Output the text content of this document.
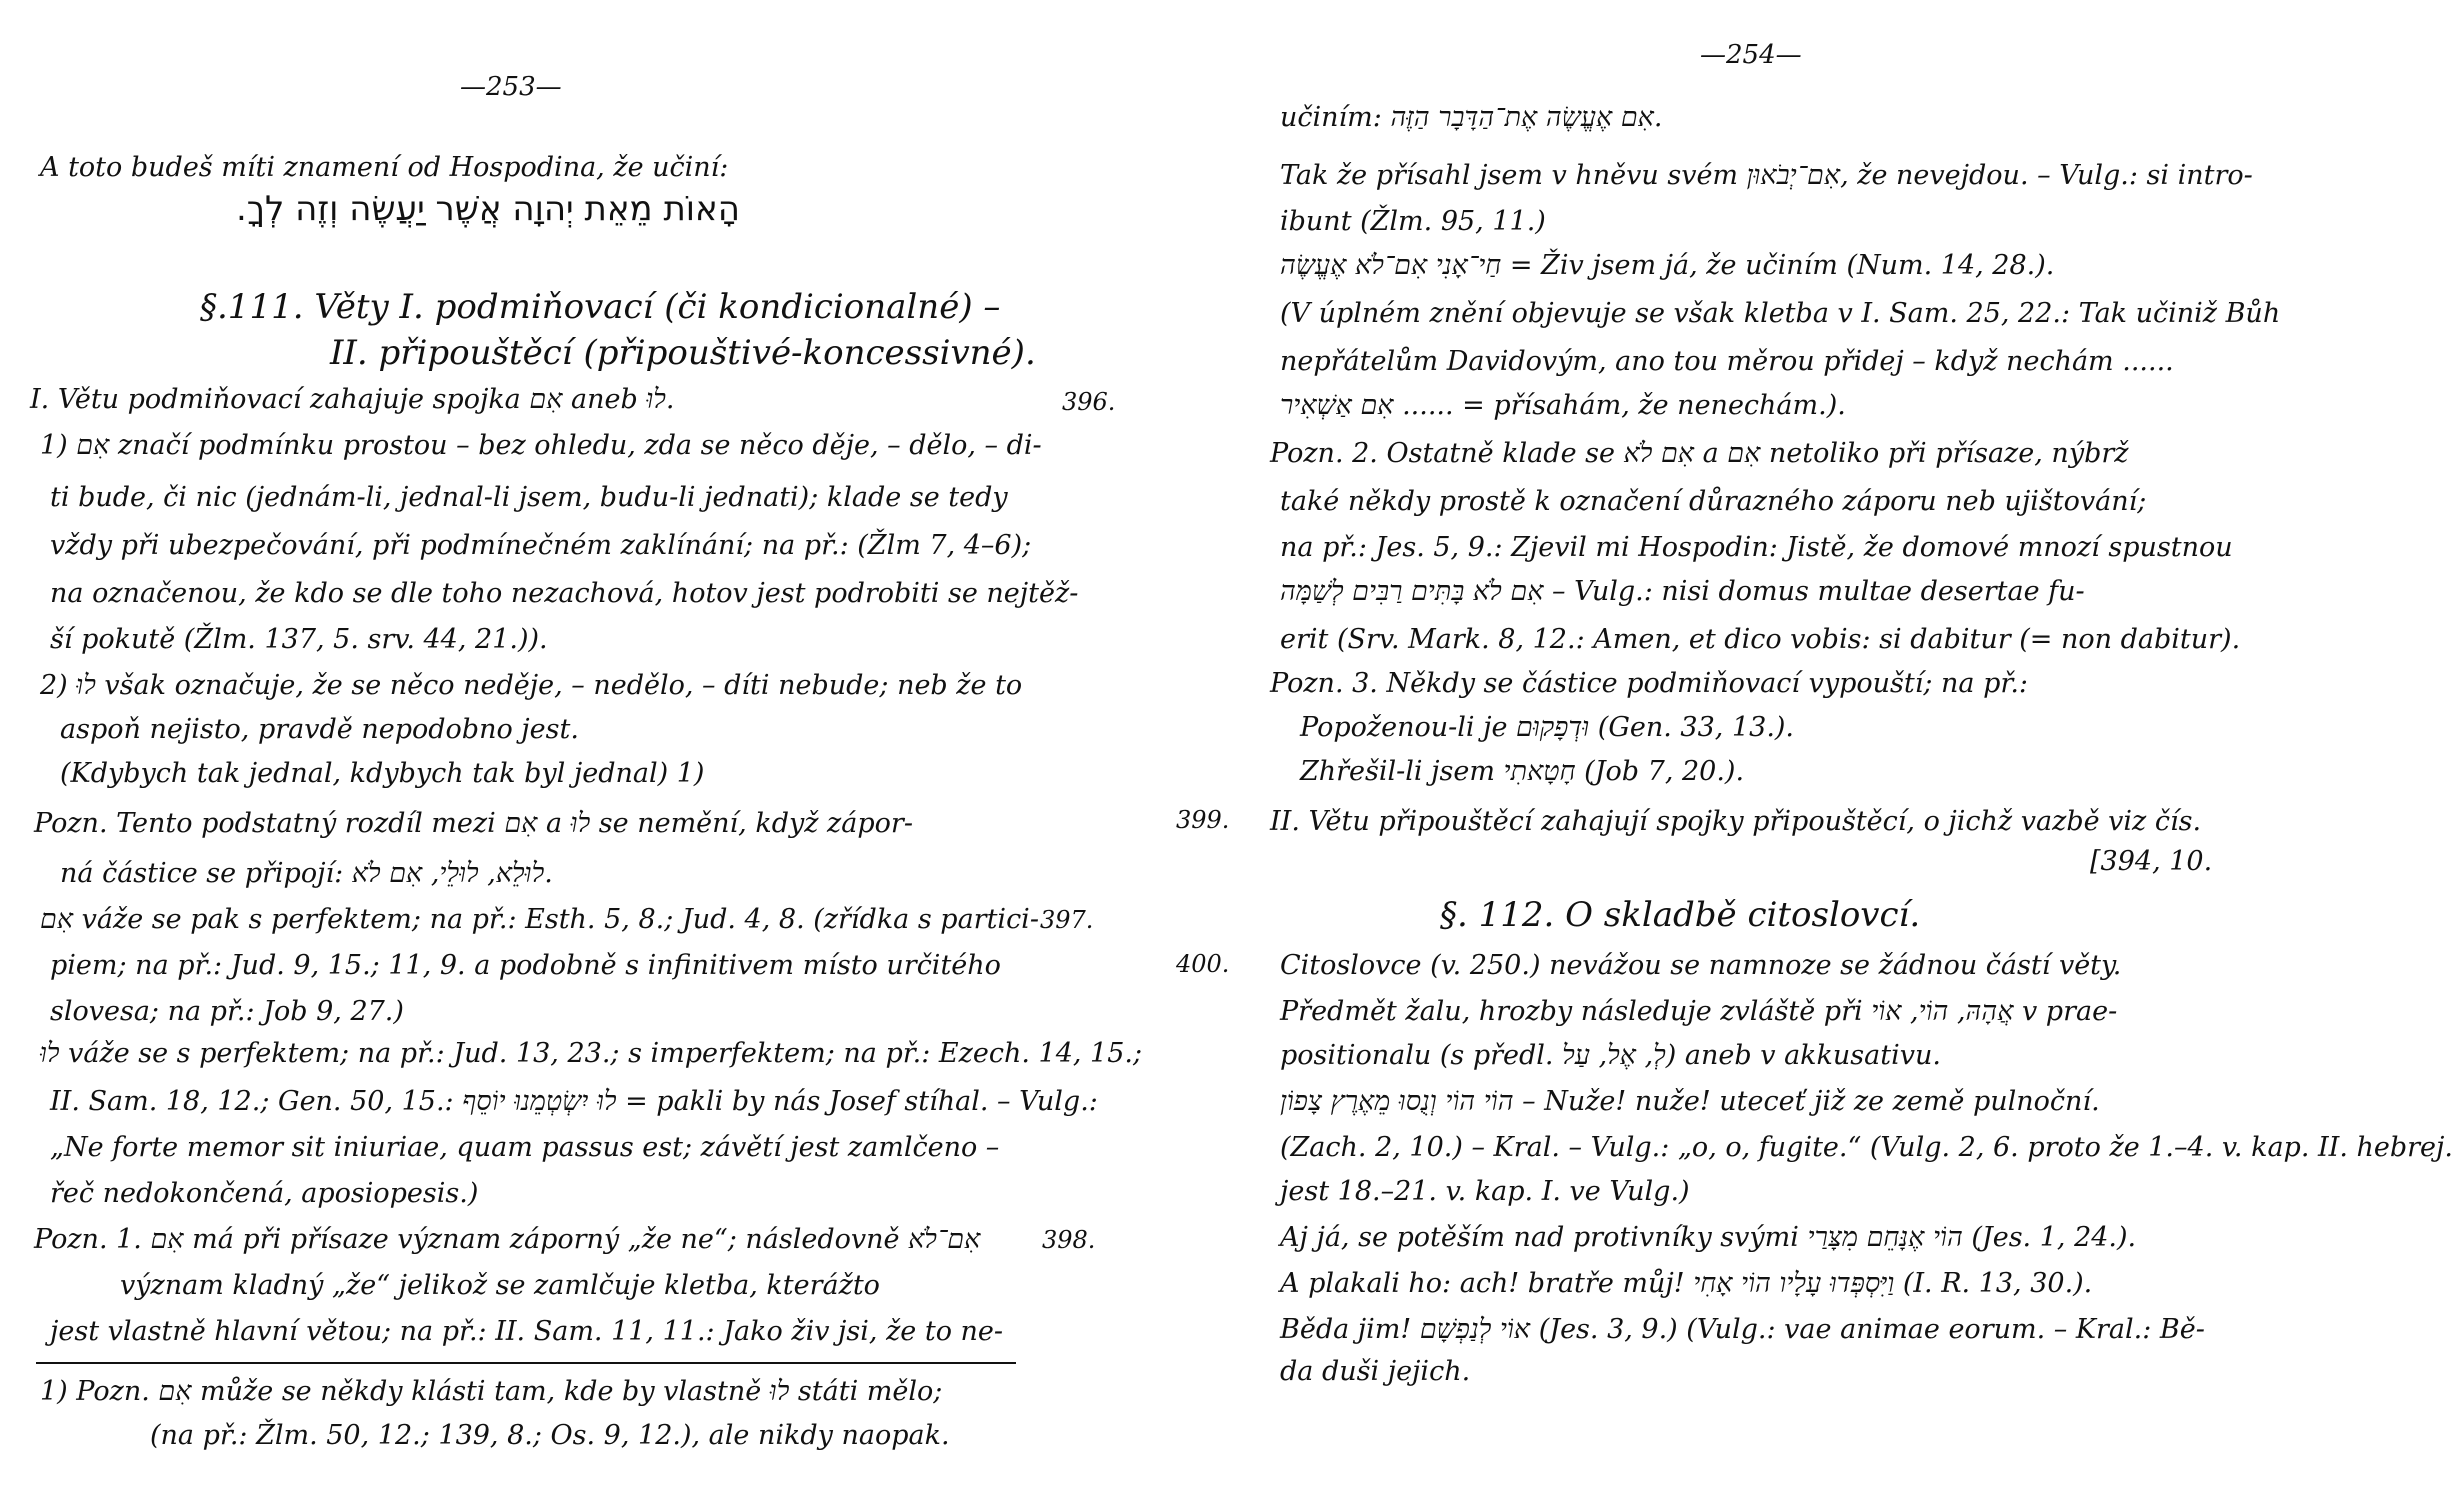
—253—
A toto budeš míti znamení od Hospodina, že učiní:
הָאוֹת מֵאֵת יְהוָה אֲשֶׁר יַעֲשֶׂה וְזֶה לְךָ.
§.111. Věty I. podmiňovací (či kondicionalné) –
II. připouštěcí (připouštivé-koncessivné).
I. Větu podmiňovací zahajuje spojka אִם aneb לוּ.
1) אִם značí podmínku prostou – bez ohledu, zda se něco děje, – dělo, – di-
ti bude, či nic (jednám-li, jednal-li jsem, budu-li jednati); klade se tedy
vždy při ubezpečování, při podmínečném zaklínání; na př.: (Žlm 7, 4–6);
na označenou, že kdo se dle toho nezachová, hotov jest podrobiti se nejtěž-
ší pokutě (Žlm. 137, 5. srv. 44, 21.)).
2) לוּ však označuje, že se něco neděje, – nedělo, – díti nebude; neb že to
aspoň nejisto, pravdě nepodobno jest.
(Kdybych tak jednal, kdybych tak byl jednal) 1)
Pozn. Tento podstatný rozdíl mezi אִם a לוּ se nemění, když zápor-
ná částice se připojí: לוּלֵא, לוּלֵי, אִם לֹא.
אִם váže se pak s perfektem; na př.: Esth. 5, 8.; Jud. 4, 8. (zřídka s partici-
piem; na př.: Jud. 9, 15.; 11, 9. a podobně s infinitivem místo určitého
slovesa; na př.: Job 9, 27.)
לוּ váže se s perfektem; na př.: Jud. 13, 23.; s imperfektem; na př.: Ezech. 14, 15.;
II. Sam. 18, 12.; Gen. 50, 15.: לוּ יִשְׂטְמֵנוּ יוֹסֵף = pakli by nás Josef stíhal. – Vulg.:
„Ne forte memor sit iniuriae, quam passus est; závětí jest zamlčeno –
řeč nedokončená, aposiopesis.)
Pozn. 1. אִם má při přísaze význam záporný „že ne“; následovně אִם־לֹא
význam kladný „že“ jelikož se zamlčuje kletba, kterážto
jest vlastně hlavní větou; na př.: II. Sam. 11, 11.: Jako živ jsi, že to ne-
1) Pozn. אִם může se někdy klásti tam, kde by vlastně לוּ státi mělo;
(na př.: Žlm. 50, 12.; 139, 8.; Os. 9, 12.), ale nikdy naopak.
396.
397.
398.
—254—
učiním: אִם אֶעֱשֶׂה אֶת־הַדָּבָר הַזֶּה.
Tak že přísahl jsem v hněvu svém אִם־יְבֹאוּן, že nevejdou. – Vulg.: si intro-
ibunt (Žlm. 95, 11.)
חַי־אָנִי אִם־לֹא אֶעֱשֶׂה = Živ jsem já, že učiním (Num. 14, 28.).
(V úplném znění objevuje se však kletba v I. Sam. 25, 22.: Tak učiniž Bůh
nepřátelům Davidovým, ano tou měrou přidej – když nechám ......
אִם אַשְׁאִיר ...... = přísahám, že nenechám.).
Pozn. 2. Ostatně klade se אִם לֹא a אִם netoliko při přísaze, nýbrž
také někdy prostě k označení důrazného záporu neb ujištování;
na př.: Jes. 5, 9.: Zjevil mi Hospodin: Jistě, že domové mnozí spustnou
אִם לֹא בָּתִּים רַבִּים לְשַׁמָּה – Vulg.: nisi domus multae desertae fu-
erit (Srv. Mark. 8, 12.: Amen, et dico vobis: si dabitur (= non dabitur).
Pozn. 3. Někdy se částice podmiňovací vypouští; na př.:
Popoženou-li je וּדְפָקוּם (Gen. 33, 13.).
Zhřešil-li jsem חָטָאתִי (Job 7, 20.).
II. Větu připouštěcí zahajují spojky připouštěcí, o jichž vazbě viz čís.
[394, 10.
§. 112. O skladbě citoslovcí.
Citoslovce (v. 250.) nevážou se namnoze se žádnou částí věty.
Předmět žalu, hrozby následuje zvláště při אֲהָהּ, הוֹי, אוֹי v prae-
positionalu (s předl. לְ, אֶל, עַל) aneb v akkusativu.
הוֹי הוֹי וְנֻסוּ מֵאֶרֶץ צָפוֹן – Nuže! nuže! uteceť již ze země pulnoční.
(Zach. 2, 10.) – Kral. – Vulg.: „o, o, fugite.“ (Vulg. 2, 6. proto že 1.–4. v. kap. II. hebrej.
jest 18.–21. v. kap. I. ve Vulg.)
Aj já, se potěším nad protivníky svými הוֹי אֶנָּחֵם מִצָּרַי (Jes. 1, 24.).
A plakali ho: ach! bratře můj! וַיִּסְפְּדוּ עָלָיו הוֹי אָחִי (I. R. 13, 30.).
Běda jim! אוֹי לְנַפְשָׁם (Jes. 3, 9.) (Vulg.: vae animae eorum. – Kral.: Bě-
da duši jejich.
399.
400.
